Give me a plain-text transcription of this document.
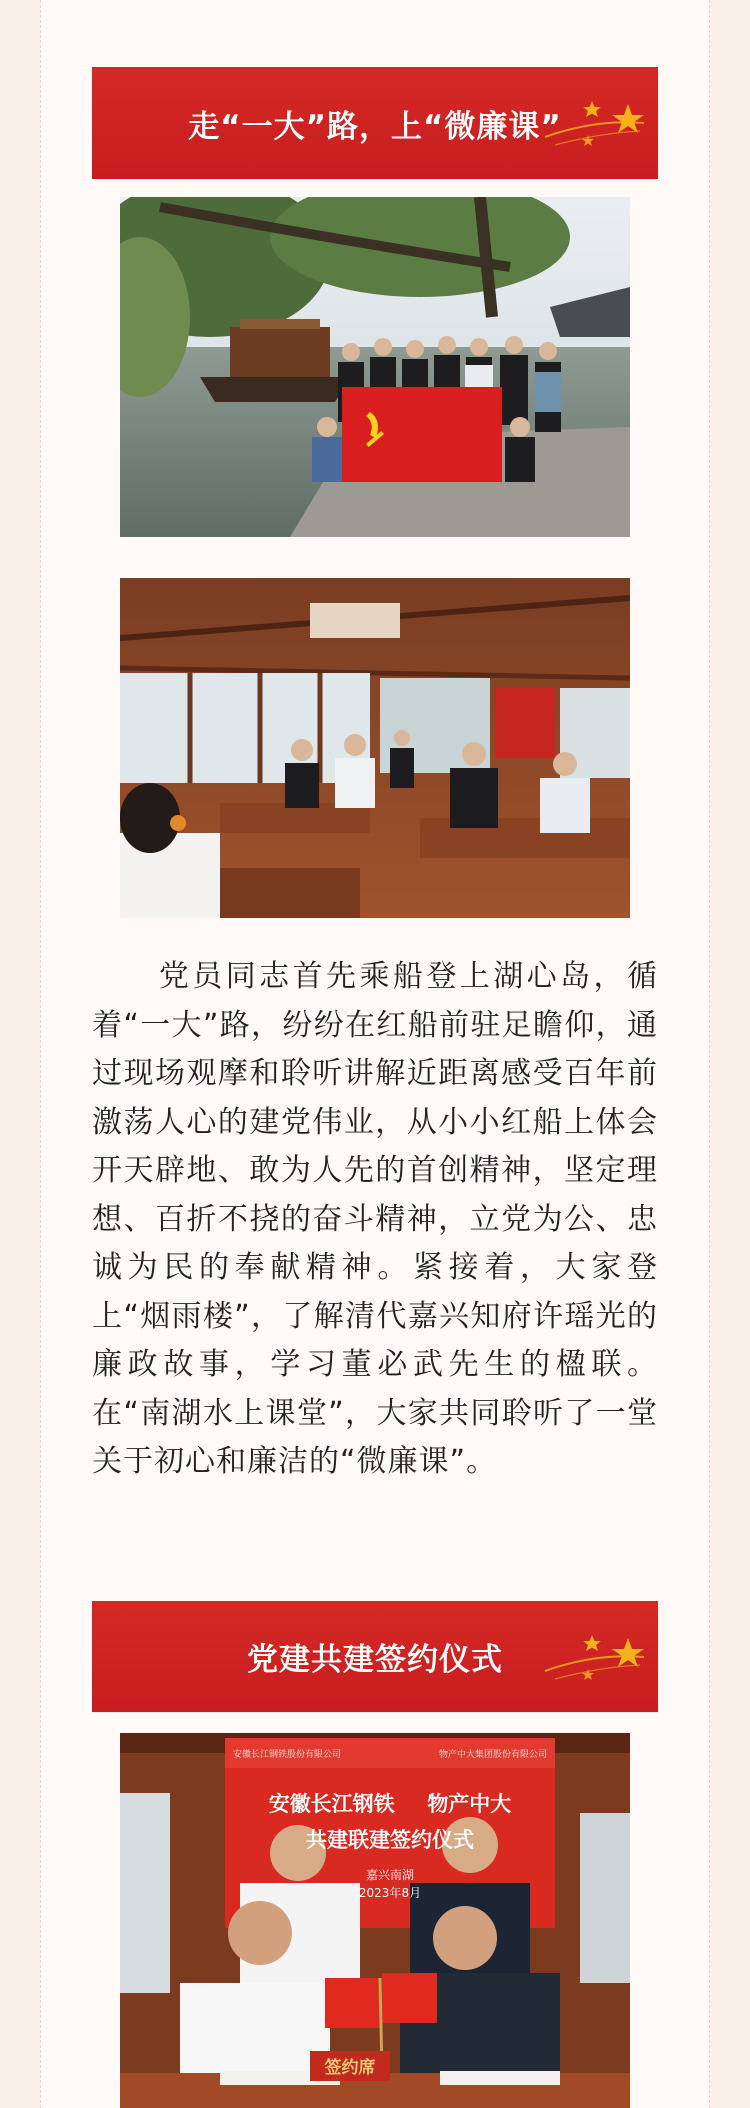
走“一大”路，上“微廉课”
　　党员同志首先乘船登上湖心岛，循着“一大”路，纷纷在红船前驻足瞻仰，通过现场观摩和聆听讲解近距离感受百年前激荡人心的建党伟业，从小小红船上体会开天辟地、敢为人先的首创精神，坚定理想、百折不挠的奋斗精神，立党为公、忠诚为民的奉献精神。紧接着，大家登上“烟雨楼”，了解清代嘉兴知府许瑶光的廉政故事，学习董必武先生的楹联。在“南湖水上课堂”，大家共同聆听了一堂关于初心和廉洁的“微廉课”。
党建共建签约仪式
安徽长江钢铁股份有限公司	物产中大集团股份有限公司
安徽长江钢铁 物产中大
共建联建签约仪式
嘉兴南湖
2023年8月
签约席
